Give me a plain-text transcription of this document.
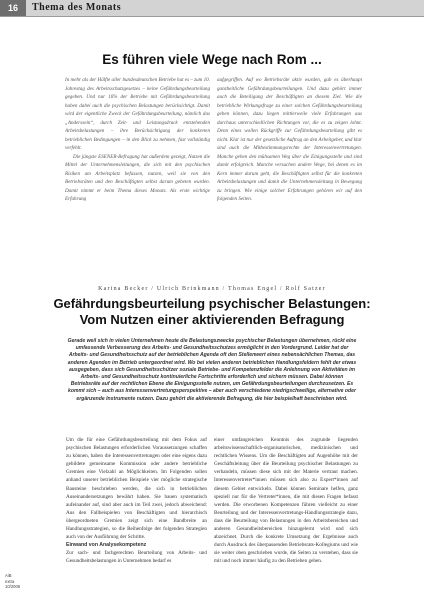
16	Thema des Monats
Es führen viele Wege nach Rom ...

In mehr als der Hälfte aller bundesdeutschen Betriebe hat es – zum 10. Jahrestag des Arbeitsschutzgesetzes – keine Gefährdungsbeurteilung gegeben. Und nur 16% der Betriebe mit Gefährdungsbeurteilung haben dabei auch die psychischen Belastungen berücksichtigt. Damit wird der eigentliche Zweck der Gefährdungsbeurteilung, nämlich das „Anderssein“, durch Zeit- und Leistungsdruck entstehenden Arbeitsbelastungen – ihre Berücksichtigung der konkreten betrieblichen Bedingungen – in den Blick zu nehmen, fast vollständig verfehlt.

Die jüngste ESENER-Befragung hat außerdem gezeigt, Nutzen die Mittel der Unternehmensleitungen, die sich mit den psychischen Risiken am Arbeitsplatz befassen, nutzen, weil sie von den Betriebsräten und den Beschäftigten selbst darum gebeten wurden. Damit nimmt er beim Thema dieses Monats. Als erste wichtige Erfahrung

aufgegriffen. Auf wo Betriebsräte aktiv wurden, gab es überhaupt ganzheitliche Gefährdungsbeurteilungen. Und dazu gehört immer auch die Beteiligung der Beschäftigten an diesem Ziel. Wie die betriebliche Wirkungsfrage zu einer solchen Gefährdungsbeurteilung geben können, dazu liegen mittlerweile viele Erfahrungen aus durchaus unterschiedlichen Richtungen vor, die es zu zeigen lohnt. Denn eines wollen Rückgriffe zur Gefährdungsbeurteilung gibt es nicht. Klar ist nur der gesetzliche Auftrag an den Arbeitgeber, und klar sind auch die Mitbestimmungsrechte der Interessenvertretungen. Manche gehen den mühsamen Weg über die Einigungsstelle und sind damit erfolgreich. Manche versuchen andere Wege, bei denen es im Kern immer darum geht, die Beschäftigten selbst für die konkreten Arbeitsbelastungen und damit die Unternehmensleitung in Bewegung zu bringen. Wie einige solcher Erfahrungen gehören wir auf den folgenden Seiten.

Karina Becker / Ulrich Brinkmann / Thomas Engel / Rolf Satzer
Gefährdungsbeurteilung psychischer Belastungen:
Vom Nutzen einer aktivierenden Befragung
Gerade weil sich in vielen Unternehmen heute die Belastungszwecke psychischer Belastungen übernehmen, rückt eine umfassende Verbesserung des Arbeits- und Gesundheitsschutzes ermöglicht in den Vordergrund. Leider hat der Arbeits- und Gesundheitsschutz auf der betrieblichen Agenda oft den Stellenwert eines nebensächlichen Themas, das anderen Agenden im Betrieb untergeordnet wird. Wo bei vielen anderen betrieblichen Handlungsfeldern fehlt der etwas ausgegeben, dass sich Gesundheitsschützer soziale Betriebe- und Kompetenzfelder die Anlehnung von Aktivitäten im Arbeits- und Gesundheitsschutz kontinuierliche Fortschritte erforderlich und sichern müssen. Dabei können Betriebsräte auf der rechtlichen Ebene die Einigungsstelle nutzen, um Gefährdungsbeurteilungen durchzusetzen. Es kommt sich – auch aus Interessenvertretungsperspektive – aber auch verschiedene niedrigschwellige, alternative oder ergänzende Instrumente nutzen. Dazu gehört die aktivierende Befragung, die hier beispielhaft beschrieben wird.

Um die für eine Gefährdungsbeurteilung mit dem Fokus auf psychischen Belastungen erforderlichen Voraussetzungen schaffen zu können, haben die Interessenvertretungen oder eine eigens dazu gebildete gemeinsame Kommission oder andere betriebliche Gremien eine Vielzahl an Möglichkeiten. Im Folgenden sollen anhand unserer betrieblichen Beispiele vier mögliche strategische Bausteine beschrieben werden, die sich in betrieblichen Auseinandersetzungen bewährt haben. Sie bauen systematisch aufeinander auf, sind aber auch im Teil zwei, jedoch abweichend: Aus den Fallbeispielen von Beschäftigten und hierarchisch übergeordneten Gremien zeigt sich eine Bandbreite an Handlungsstrategien, so die Reihenfolge der folgenden Strategien auch von der Ausführung der Schritte.

Einwand von Analysekompetenz

Zur sach- und fachgerechten Beurteilung von Arbeits- und Gesundheitsbelastungen in Unternehmen bedarf es

einer umfangreichen Kenntnis des zugrunde liegenden arbeitswissenschaftlich-organisatorischen, medizinischen und rechtlichen Wissens. Um die Beschäftigten auf Augenhöhe mit der Geschäftsleitung über die Beurteilung psychischer Belastungen zu verhandeln, müssen diese sich mit der Materie vertraut machen. Interessenvertreter*innen müssen sich also zu Expert*innen auf diesem Gebiet entwickeln. Dabei können Seminare helfen, ganz speziell nur für die Vertreter*innen, die mit diesen Fragen befasst werden. Die erworbenen Kompetenzen führen vielleicht zu einer Beurteilung und der Interessenvertretungs-Handlungsstrategie dazu, dass die Beurteilung von Belastungen in den Arbeitsbereichen und anderen Gesundheitsbereichen hinzugelernt wird und sich abzeichnet. Durch die konkrete Umsetzung der Ergebnisse auch durch Ausdruck des überpassenden Betriebsrats-Kollegiums und wie sie weiter oben geschrieben wurde, die Seiten zu verstehen, dass sie mit und noch immer häufig zu den Betrieben gehen.

AiB
extra
10/2006
